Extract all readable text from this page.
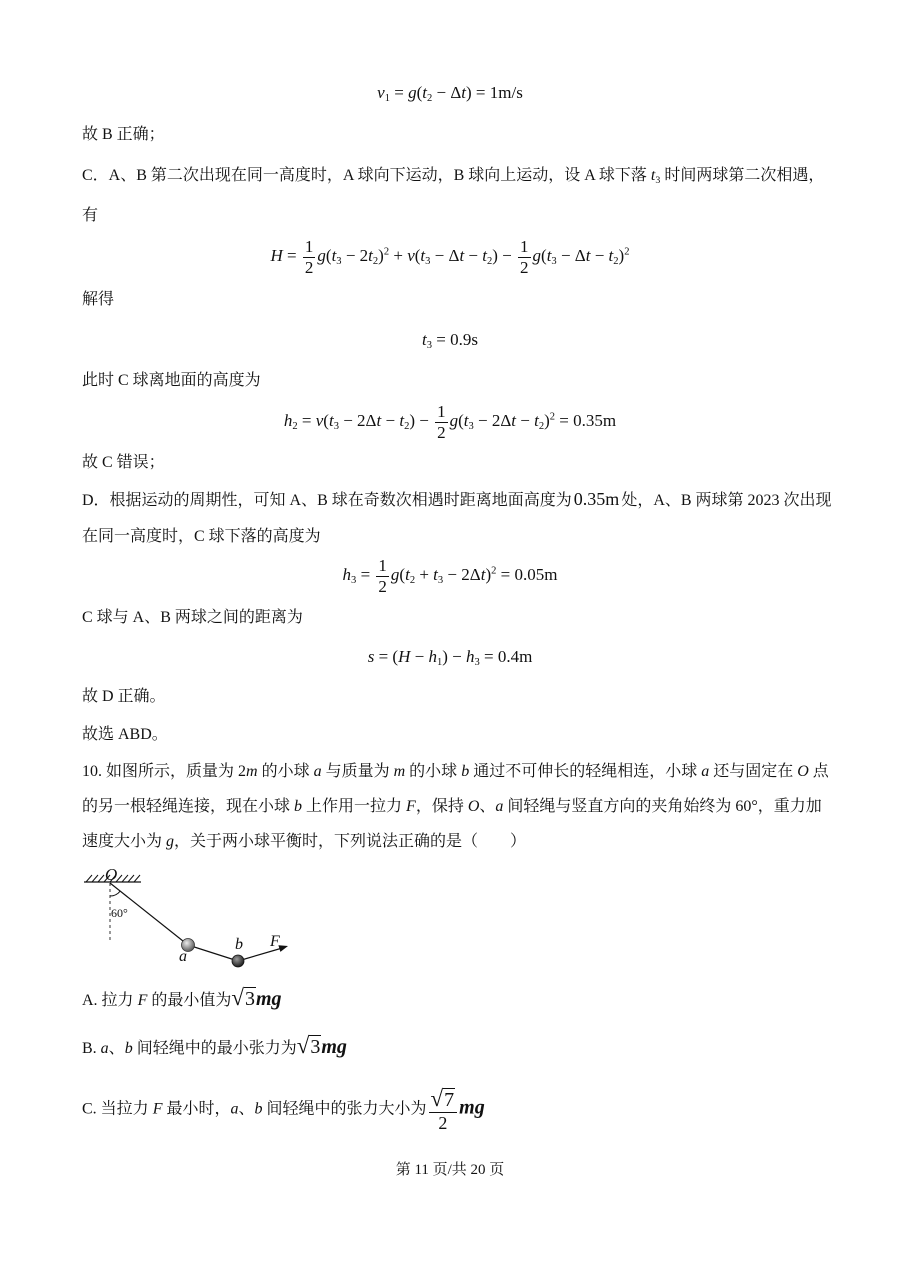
v1 = g(t2 − Δt) = 1m/s
故 B 正确；
C．A、B 第二次出现在同一高度时，A 球向下运动，B 球向上运动，设 A 球下落 t3 时间两球第二次相遇，
有
$H = \frac{1}{2} g(t3 - 2t2)^2 + v(t3 - \Delta t - t2) - \frac{1}{2} g(t3 - \Delta t - t2)^2$
解得
t3 = 0.9s
此时 C 球离地面的高度为
$h2 = v(t3 - 2\Delta t - t2) - \frac{1}{2} g(t3 - 2\Delta t - t2)^2 = 0.35m$
故 C 错误；
D．根据运动的周期性，可知 A、B 球在奇数次相遇时距离地面高度为 0.35m 处，A、B 两球第 2023 次出现
在同一高度时，C 球下落的高度为
$h3 = \frac{1}{2} g(t2 + t3 - 2\Delta t)^2 = 0.05m$
C 球与 A、B 两球之间的距离为
s = (H − h1) − h3 = 0.4m
故 D 正确。
故选 ABD。
10. 如图所示，质量为 2m 的小球 a 与质量为 m 的小球 b 通过不可伸长的轻绳相连，小球 a 还与固定在 O 点
的另一根轻绳连接，现在小球 b 上作用一拉力 F，保持 O、a 间轻绳与竖直方向的夹角始终为 60°，重力加
速度大小为 g，关于两小球平衡时，下列说法正确的是（　　）
O
60°
a
b F
A. 拉力 F 的最小值为√3mg
B. a、b 间轻绳中的最小张力为√3mg
C. 当拉力 F 最小时，a、b 间轻绳中的张力大小为 $\frac{√7}{2}$ mg
第 11 页/共 20 页
